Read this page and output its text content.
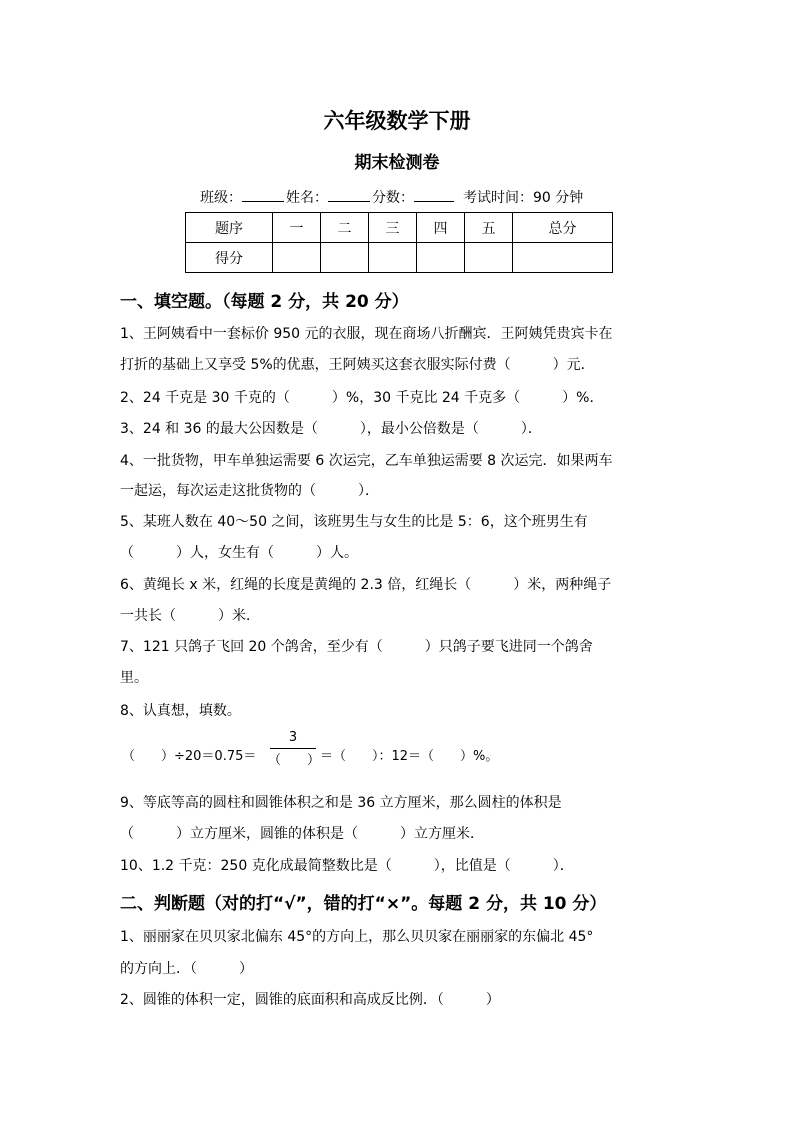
六年级数学下册
期末检测卷
班级：	姓名：	分数：	考试时间：90 分钟
题序	一	二	三	四	五	总分
得分						
一、填空题。（每题 2 分，共 20 分）
1、王阿姨看中一套标价 950 元的衣服，现在商场八折酬宾．王阿姨凭贵宾卡在
打折的基础上又享受 5%的优惠，王阿姨买这套衣服实际付费（　　　）元．
2、24 千克是 30 千克的（　　　）%，30 千克比 24 千克多（　　　）%．
3、24 和 36 的最大公因数是（　　　），最小公倍数是（　　　）．
4、一批货物，甲车单独运需要 6 次运完，乙车单独运需要 8 次运完．如果两车
一起运，每次运走这批货物的（　　　）．
5、某班人数在 40～50 之间，该班男生与女生的比是 5：6，这个班男生有
（　　　）人，女生有（　　　）人。
6、黄绳长 x 米，红绳的长度是黄绳的 2.3 倍，红绳长（　　　）米，两种绳子
一共长（　　　）米．
7、121 只鸽子飞回 20 个鸽舍，至少有（　　　）只鸽子要飞进同一个鸽舍
里。
8、认真想，填数。
（　　）÷20＝0.75＝
3
（　　） ＝（　　）：12＝（　　）%。
9、等底等高的圆柱和圆锥体积之和是 36 立方厘米，那么圆柱的体积是
（　　　）立方厘米，圆锥的体积是（　　　）立方厘米．
10、1.2 千克：250 克化成最简整数比是（　　　），比值是（　　　）．
二、判断题（对的打“√”，错的打“×”。每题 2 分，共 10 分）
1、丽丽家在贝贝家北偏东 45°的方向上，那么贝贝家在丽丽家的东偏北 45°
的方向上．（　　　）
2、圆锥的体积一定，圆锥的底面积和高成反比例．（　　　）
